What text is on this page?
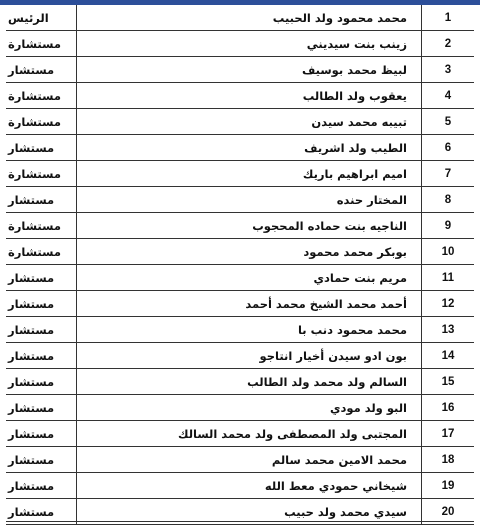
1	محمد محمود ولد الحبيب	الرئيس
2	زينب بنت سيديني	مستشارة
3	لبيظ محمد بوسيف	مستشار
4	يعقوب ولد الطالب	مستشارة
5	تبيبه محمد سيدن	مستشارة
6	الطيب ولد اشريف	مستشار
7	اميم ابراهيم باريك	مستشارة
8	المختار حنده	مستشار
9	الناجيه بنت حماده المحجوب	مستشارة
10	بوبكر محمد محمود	مستشارة
11	مريم بنت حمادي	مستشار
12	أحمد محمد الشيخ محمد أحمد	مستشار
13	محمد محمود دنب با	مستشار
14	بون ادو سيدن أخيار انتاجو	مستشار
15	السالم ولد محمد ولد الطالب	مستشار
16	البو ولد مودي	مستشار
17	المجتبى ولد المصطفى ولد محمد السالك	مستشار
18	محمد الامين محمد سالم	مستشار
19	شيخاني حمودي معط الله	مستشار
20	سيدي محمد ولد حبيب	مستشار
